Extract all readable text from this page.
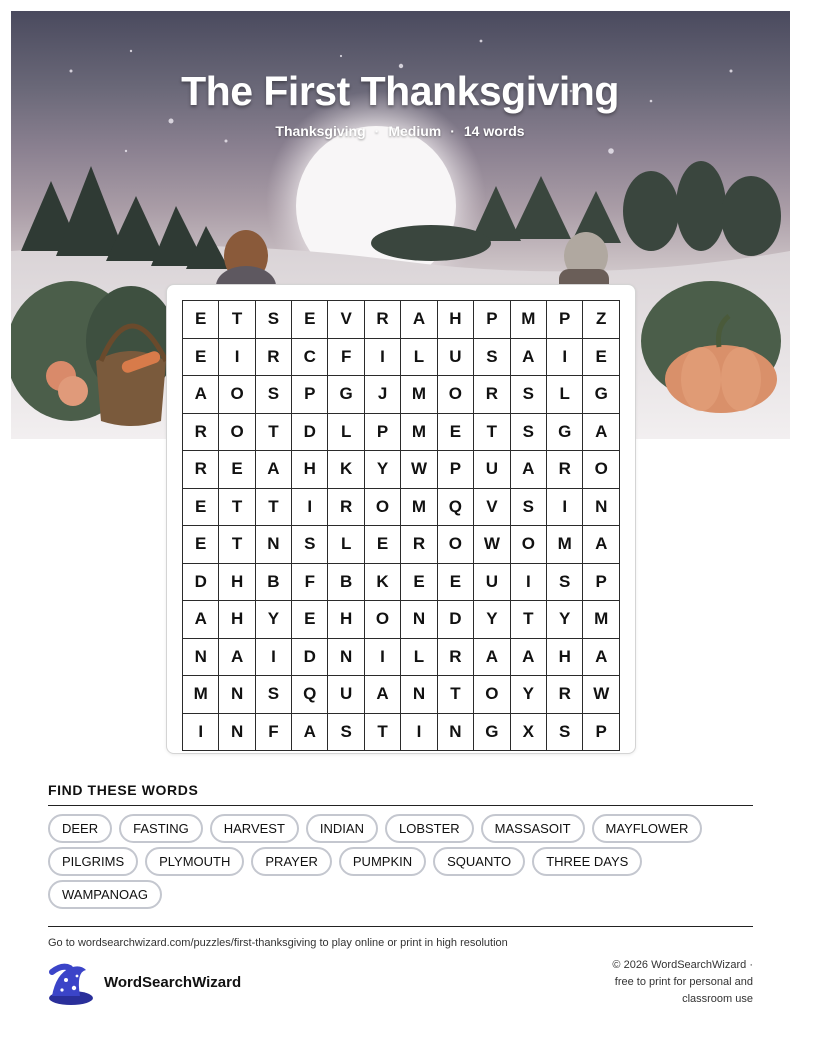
The First Thanksgiving
Thanksgiving · Medium · 14 words
E	T	S	E	V	R	A	H	P	M	P	Z
E	I	R	C	F	I	L	U	S	A	I	E
A	O	S	P	G	J	M	O	R	S	L	G
R	O	T	D	L	P	M	E	T	S	G	A
R	E	A	H	K	Y	W	P	U	A	R	O
E	T	T	I	R	O	M	Q	V	S	I	N
E	T	N	S	L	E	R	O	W	O	M	A
D	H	B	F	B	K	E	E	U	I	S	P
A	H	Y	E	H	O	N	D	Y	T	Y	M
N	A	I	D	N	I	L	R	A	A	H	A
M	N	S	Q	U	A	N	T	O	Y	R	W
I	N	F	A	S	T	I	N	G	X	S	P
FIND THESE WORDS
DEER	FASTING	HARVEST	INDIAN	LOBSTER	MASSASOIT	MAYFLOWERPILGRIMS	PLYMOUTH	PRAYER	PUMPKIN	SQUANTO	THREE DAYSWAMPANOAG
Go to wordsearchwizard.com/puzzles/first-thanksgiving to play online or print in high resolution
WordSearchWizard
© 2026 WordSearchWizard ·
free to print for personal and
classroom use
